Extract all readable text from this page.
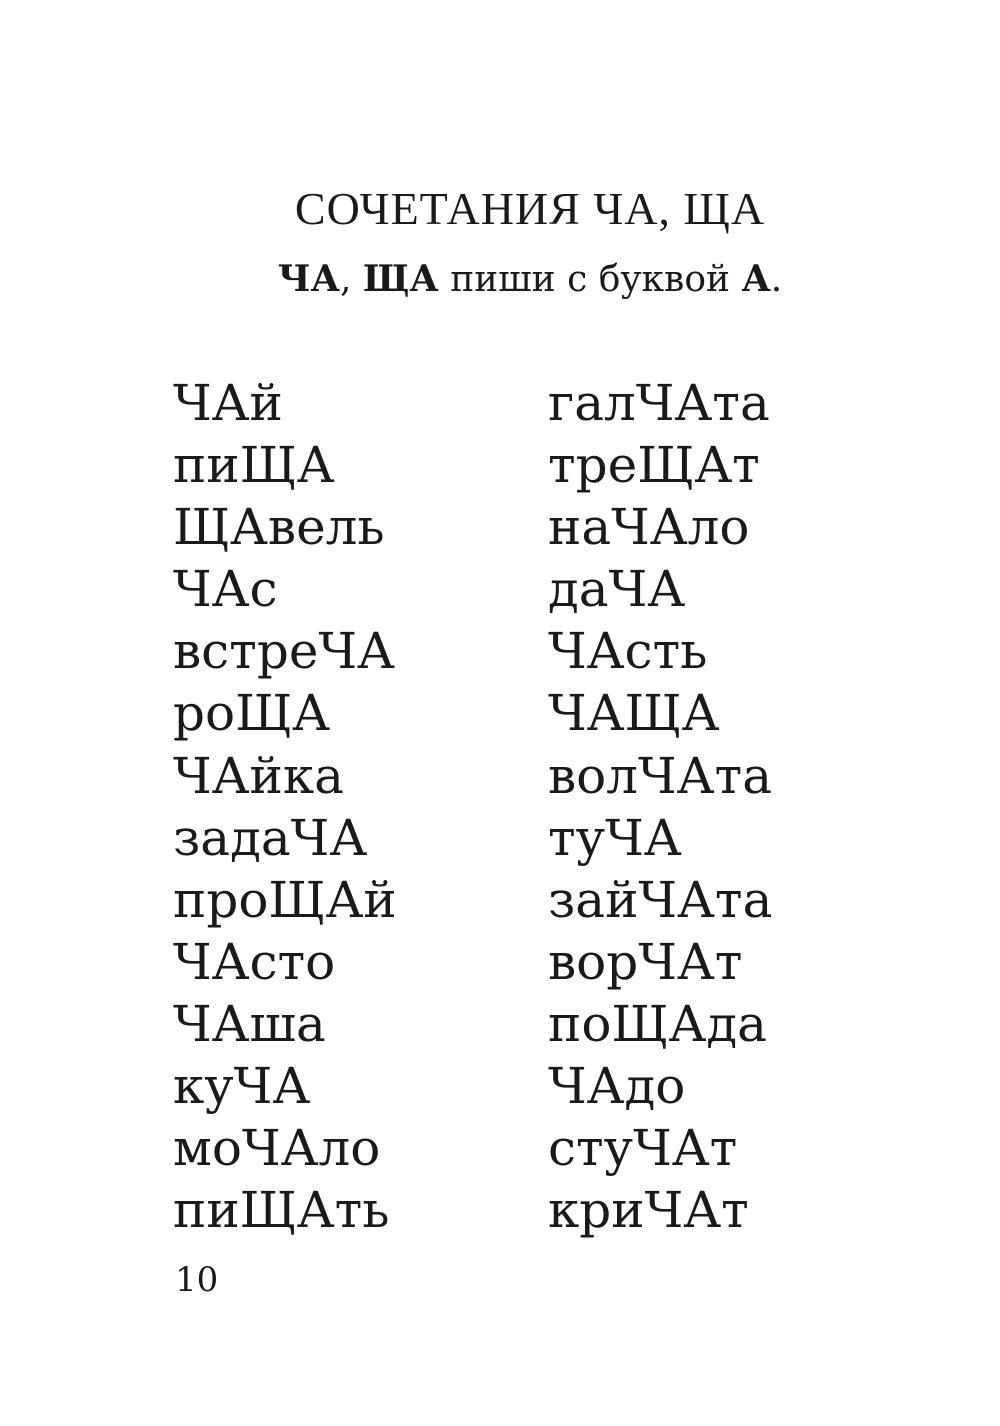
СОЧЕТАНИЯ ЧА, ЩА

ЧА, ЩА пиши с буквой А.

ЧАй
пиЩА
ЩАвель
ЧАс
встреЧА
роЩА
ЧАйка
задаЧА
проЩАй
ЧАсто
ЧАша
куЧА
моЧАло
пиЩАть
галЧАта
треЩАт
наЧАло
даЧА
ЧАсть
ЧАЩА
волЧАта
туЧА
зайЧАта
ворЧАт
поЩАда
ЧАдо
стуЧАт
криЧАт

10
